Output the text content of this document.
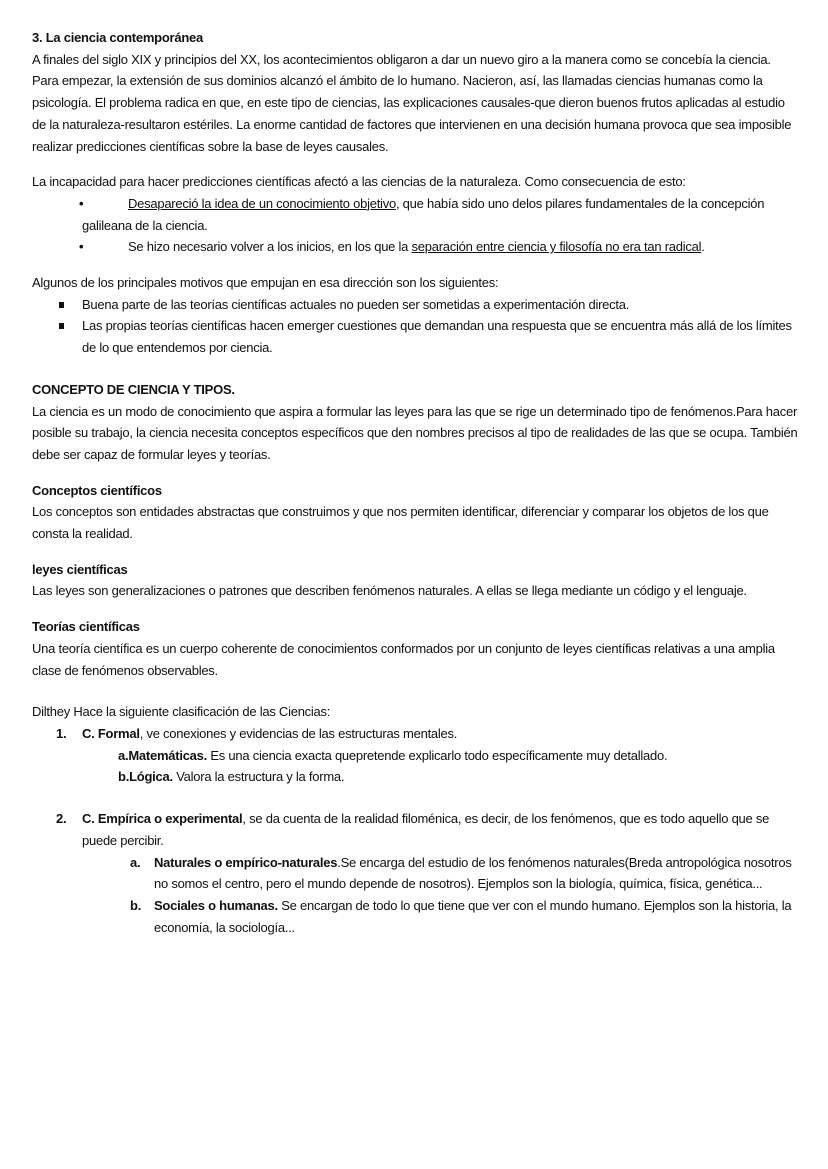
3. La ciencia contemporánea

A finales del siglo XIX y principios del XX, los acontecimientos obligaron a dar un nuevo giro a la manera como se concebía la ciencia. Para empezar, la extensión de sus dominios alcanzó el ámbito de lo humano. Nacieron, así, las llamadas ciencias humanas como la psicología. El problema radica en que, en este tipo de ciencias, las explicaciones causales-que dieron buenos frutos aplicadas al estudio de la naturaleza-resultaron estériles. La enorme cantidad de factores que intervienen en una decisión humana provoca que sea imposible realizar predicciones científicas sobre la base de leyes causales.

La incapacidad para hacer predicciones científicas afectó a las ciencias de la naturaleza. Como consecuencia de esto:

• Desapareció la idea de un conocimiento objetivo, que había sido uno delos pilares fundamentales de la concepción galileana de la ciencia.
• Se hizo necesario volver a los inicios, en los que la separación entre ciencia y filosofía no era tan radical.

Algunos de los principales motivos que empujan en esa dirección son los siguientes:

Buena parte de las teorías científicas actuales no pueden ser sometidas a experimentación directa.
Las propias teorías científicas hacen emerger cuestiones que demandan una respuesta que se encuentra más allá de los límites de lo que entendemos por ciencia.

CONCEPTO DE CIENCIA Y TIPOS.

La ciencia es un modo de conocimiento que aspira a formular las leyes para las que se rige un determinado tipo de fenómenos.Para hacer posible su trabajo, la ciencia necesita conceptos específicos que den nombres precisos al tipo de realidades de las que se ocupa. También debe ser capaz de formular leyes y teorías.

Conceptos científicos

Los conceptos son entidades abstractas que construimos y que nos permiten identificar, diferenciar y comparar los objetos de los que consta la realidad.

leyes científicas

Las leyes son generalizaciones o patrones que describen fenómenos naturales. A ellas se llega mediante un código y el lenguaje.

Teorías científicas

Una teoría científica es un cuerpo coherente de conocimientos conformados por un conjunto de leyes científicas relativas a una amplia clase de fenómenos observables.

Dilthey Hace la siguiente clasificación de las Ciencias:

1. C. Formal, ve conexiones y evidencias de las estructuras mentales.
a.Matemáticas. Es una ciencia exacta quepretende explicarlo todo específicamente muy detallado.
b.Lógica. Valora la estructura y la forma.
2. C. Empírica o experimental, se da cuenta de la realidad filoménica, es decir, de los fenómenos, que es todo aquello que se puede percibir.
a. Naturales o empírico-naturales.Se encarga del estudio de los fenómenos naturales(Breda antropológica nosotros no somos el centro, pero el mundo depende de nosotros). Ejemplos son la biología, química, física, genética...
b. Sociales o humanas. Se encargan de todo lo que tiene que ver con el mundo humano. Ejemplos son la historia, la economía, la sociología...
